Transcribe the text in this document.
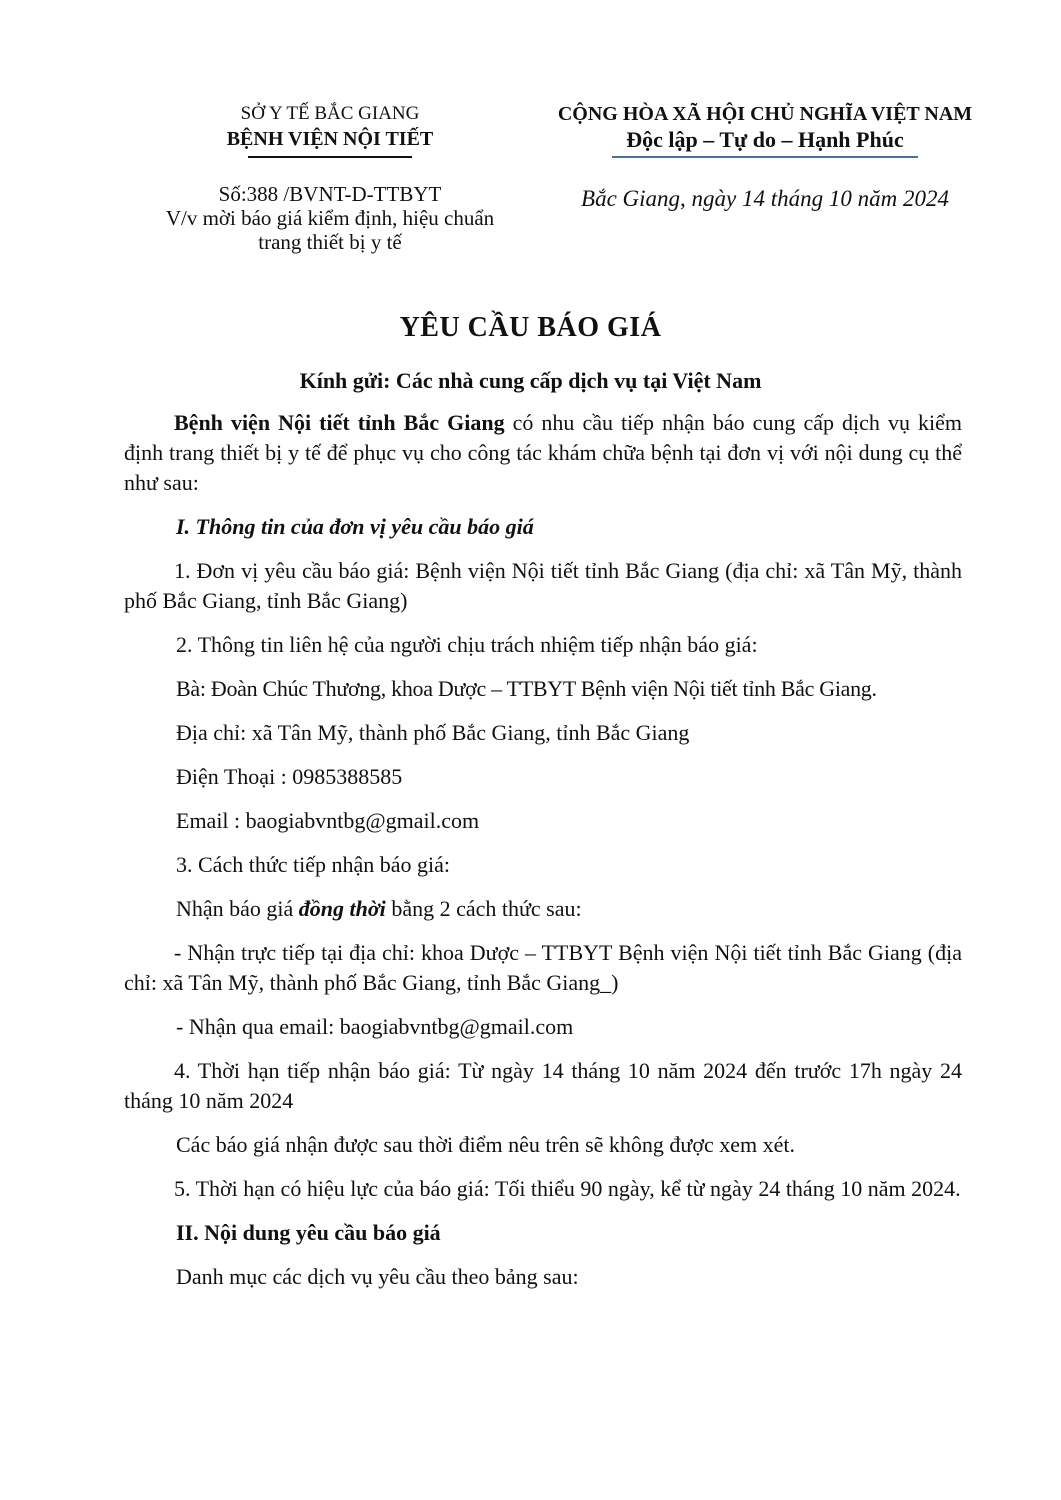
SỞ Y TẾ BẮC GIANG
BỆNH VIỆN NỘI TIẾT
Số:388 /BVNT-D-TTBYT
V/v mời báo giá kiểm định, hiệu chuẩn
trang thiết bị y tế
CỘNG HÒA XÃ HỘI CHỦ NGHĨA VIỆT NAM
Độc lập – Tự do – Hạnh Phúc
Bắc Giang, ngày 14 tháng 10 năm 2024
YÊU CẦU BÁO GIÁ
Kính gửi: Các nhà cung cấp dịch vụ tại Việt Nam

Bệnh viện Nội tiết tỉnh Bắc Giang có nhu cầu tiếp nhận báo cung cấp dịch vụ kiểm định trang thiết bị y tế để phục vụ cho công tác khám chữa bệnh tại đơn vị với nội dung cụ thể như sau:

I. Thông tin của đơn vị yêu cầu báo giá

1. Đơn vị yêu cầu báo giá: Bệnh viện Nội tiết tỉnh Bắc Giang (địa chỉ: xã Tân Mỹ, thành phố Bắc Giang, tỉnh Bắc Giang)

2. Thông tin liên hệ của người chịu trách nhiệm tiếp nhận báo giá:

Bà: Đoàn Chúc Thương, khoa Dược – TTBYT Bệnh viện Nội tiết tỉnh Bắc Giang.

Địa chỉ: xã Tân Mỹ, thành phố Bắc Giang, tỉnh Bắc Giang

Điện Thoại : 0985388585

Email : baogiabvntbg@gmail.com

3. Cách thức tiếp nhận báo giá:

Nhận báo giá đồng thời bằng 2 cách thức sau:

- Nhận trực tiếp tại địa chỉ: khoa Dược – TTBYT Bệnh viện Nội tiết tỉnh Bắc Giang (địa chỉ: xã Tân Mỹ, thành phố Bắc Giang, tỉnh Bắc Giang_)

- Nhận qua email: baogiabvntbg@gmail.com

4. Thời hạn tiếp nhận báo giá: Từ ngày 14 tháng 10 năm 2024 đến trước 17h ngày 24 tháng 10 năm 2024

Các báo giá nhận được sau thời điểm nêu trên sẽ không được xem xét.

5. Thời hạn có hiệu lực của báo giá: Tối thiểu 90 ngày, kể từ ngày 24 tháng 10 năm 2024.

II. Nội dung yêu cầu báo giá

Danh mục các dịch vụ yêu cầu theo bảng sau:
